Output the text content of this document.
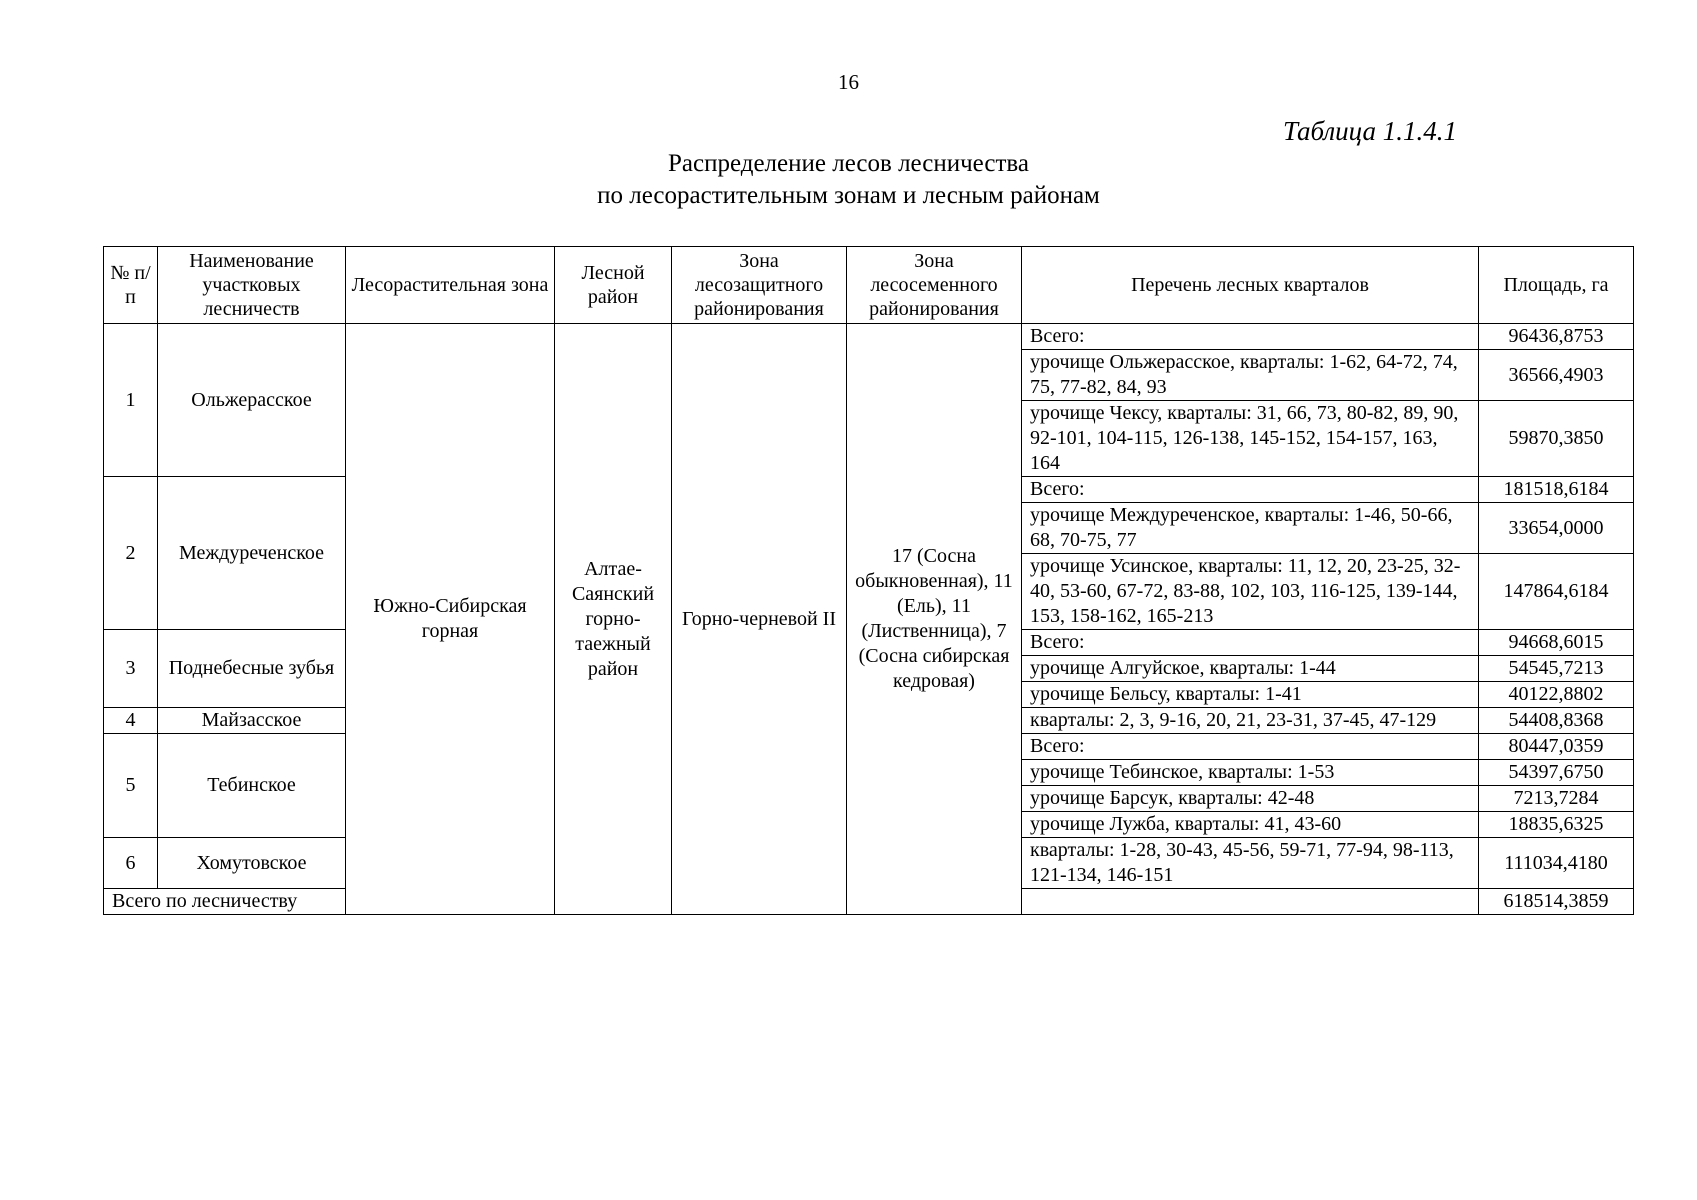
16
Таблица 1.1.4.1
Распределение лесов лесничества
по лесорастительным зонам и лесным районам
№ п/п	Наименование участковых лесничеств	Лесорастительная зона	Лесной район	Зона лесозащитного районирования	Зона лесосеменного районирования	Перечень лесных кварталов	Площадь, га
1	Ольжерасское	Южно-Сибирская горная	Алтае-Саянский горно-таежный район	Горно-черневой II	17 (Сосна обыкновенная), 11 (Ель), 11 (Лиственница), 7 (Сосна сибирская кедровая)	Всего:	96436,8753
						урочище Ольжерасское, кварталы: 1-62, 64-72, 74, 75, 77-82, 84, 93	36566,4903
						урочище Чексу, кварталы: 31, 66, 73, 80-82, 89, 90, 92-101, 104-115, 126-138, 145-152, 154-157, 163, 164	59870,3850
2	Междуреченское					Всего:	181518,6184
						урочище Междуреченское, кварталы: 1-46, 50-66, 68, 70-75, 77	33654,0000
						урочище Усинское, кварталы: 11, 12, 20, 23-25, 32-40, 53-60, 67-72, 83-88, 102, 103, 116-125, 139-144, 153, 158-162, 165-213	147864,6184
3	Поднебесные зубья					Всего:	94668,6015
						урочище Алгуйское, кварталы: 1-44	54545,7213
						урочище Бельсу, кварталы: 1-41	40122,8802
4	Майзасское					кварталы: 2, 3, 9-16, 20, 21, 23-31, 37-45, 47-129	54408,8368

5	Тебинское					Всего:	80447,0359
						урочище Тебинское, кварталы: 1-53	54397,6750
						урочище Барсук, кварталы: 42-48	7213,7284
						урочище Лужба, кварталы: 41, 43-60	18835,6325
6	Хомутовское					кварталы: 1-28, 30-43, 45-56, 59-71, 77-94, 98-113, 121-134, 146-151	111034,4180

Всего по лесничеству							618514,3859
